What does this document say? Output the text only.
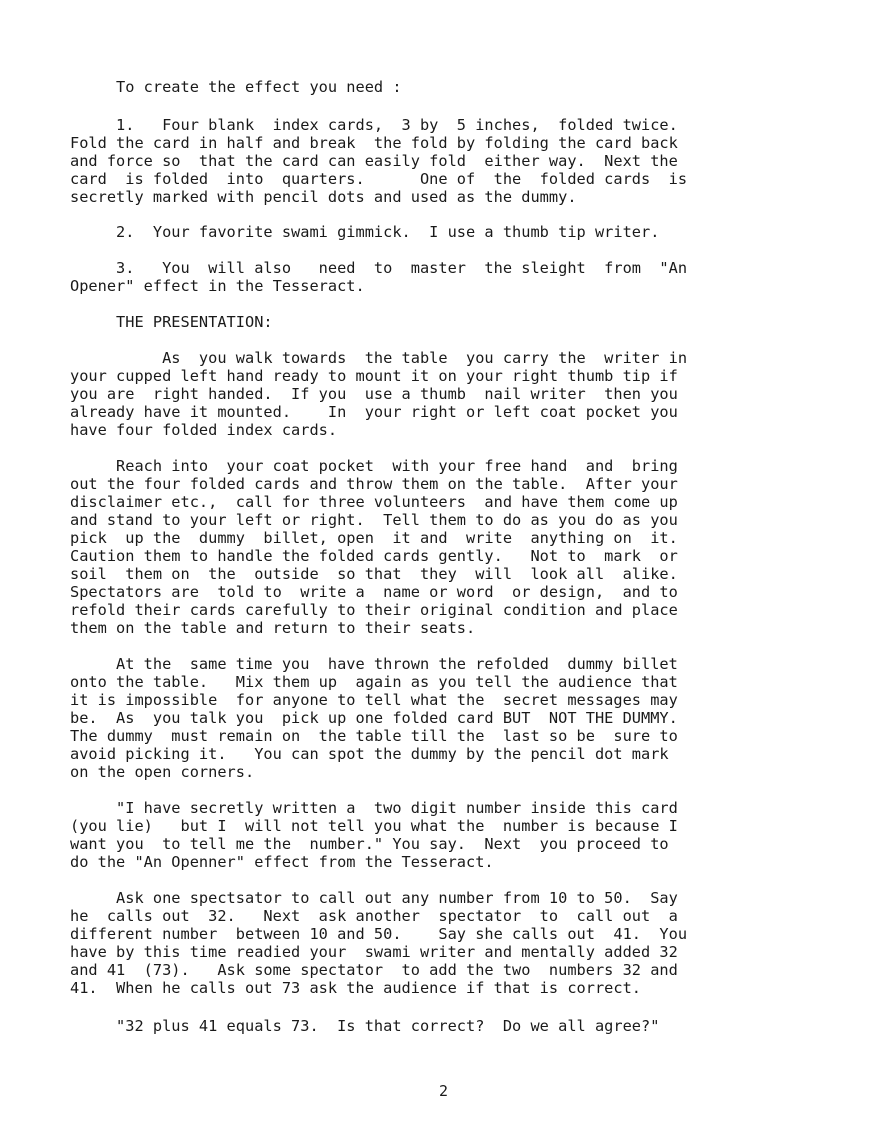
To create the effect you need :

1.   Four blank  index cards,  3 by  5 inches,  folded twice.
Fold the card in half and break  the fold by folding the card back
and force so  that the card can easily fold  either way.  Next the
card  is folded  into  quarters.      One of  the  folded cards  is
secretly marked with pencil dots and used as the dummy.

2.  Your favorite swami gimmick.  I use a thumb tip writer.

3.   You  will also   need  to  master  the sleight  from  "An
Opener" effect in the Tesseract.

THE PRESENTATION:

As  you walk towards  the table  you carry the  writer in
your cupped left hand ready to mount it on your right thumb tip if
you are  right handed.  If you  use a thumb  nail writer  then you
already have it mounted.    In  your right or left coat pocket you
have four folded index cards.

Reach into  your coat pocket  with your free hand  and  bring
out the four folded cards and throw them on the table.  After your
disclaimer etc.,  call for three volunteers  and have them come up
and stand to your left or right.  Tell them to do as you do as you
pick  up the  dummy  billet, open  it and  write  anything on  it.
Caution them to handle the folded cards gently.   Not to  mark  or
soil  them on  the  outside  so that  they  will  look all  alike.
Spectators are  told to  write a  name or word  or design,  and to
refold their cards carefully to their original condition and place
them on the table and return to their seats.

At the  same time you  have thrown the refolded  dummy billet
onto the table.   Mix them up  again as you tell the audience that
it is impossible  for anyone to tell what the  secret messages may
be.  As  you talk you  pick up one folded card BUT  NOT THE DUMMY.
The dummy  must remain on  the table till the  last so be  sure to
avoid picking it.   You can spot the dummy by the pencil dot mark
on the open corners.

"I have secretly written a  two digit number inside this card
(you lie)   but I  will not tell you what the  number is because I
want you  to tell me the  number." You say.  Next  you proceed to
do the "An Openner" effect from the Tesseract.

Ask one spectsator to call out any number from 10 to 50.  Say
he  calls out  32.   Next  ask another  spectator  to  call out  a
different number  between 10 and 50.    Say she calls out  41.  You
have by this time readied your  swami writer and mentally added 32
and 41  (73).   Ask some spectator  to add the two  numbers 32 and
41.  When he calls out 73 ask the audience if that is correct.

"32 plus 41 equals 73.  Is that correct?  Do we all agree?"

2
